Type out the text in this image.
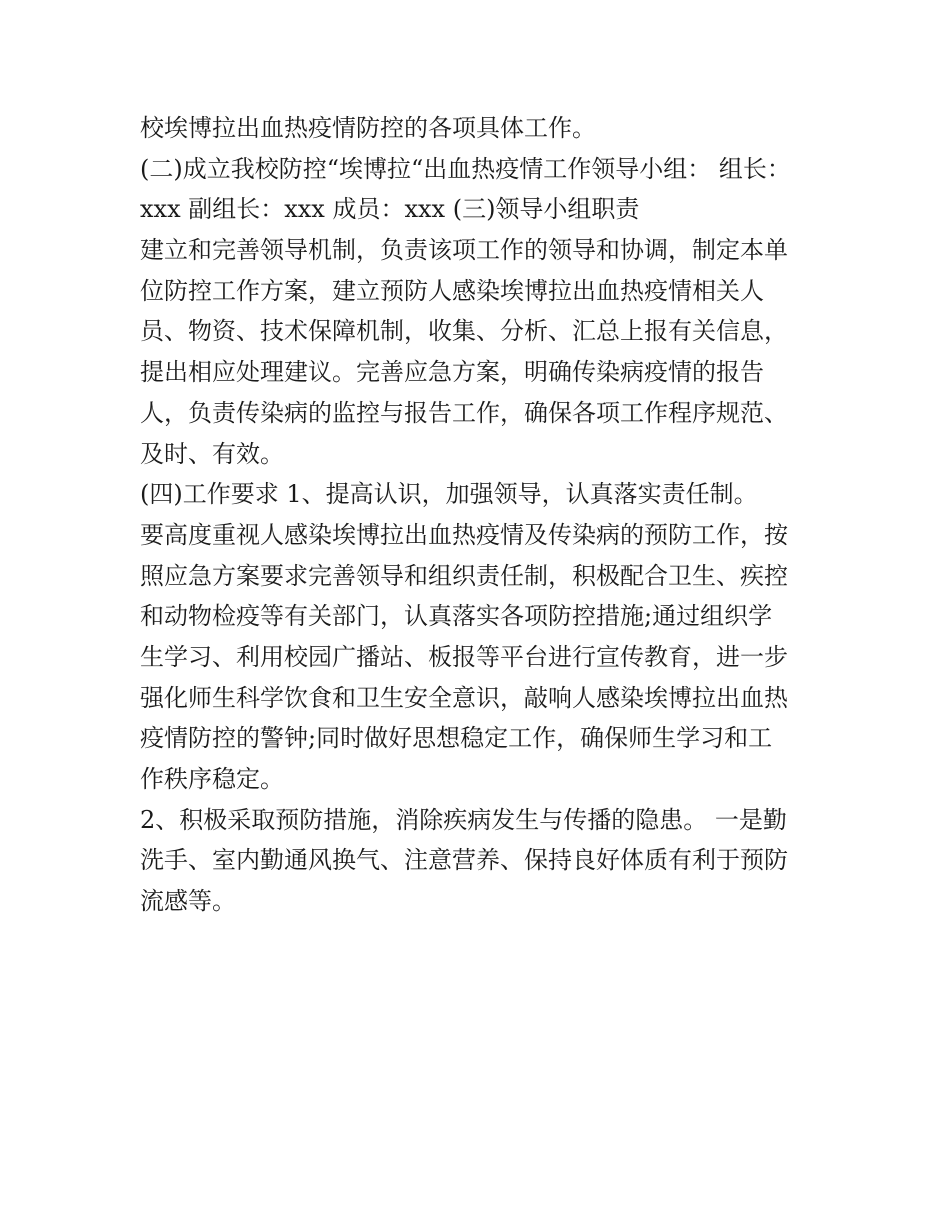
校埃博拉出血热疫情防控的各项具体工作。
(二)成立我校防控“埃博拉“出血热疫情工作领导小组： 组长：
xxx 副组长：xxx 成员：xxx (三)领导小组职责
建立和完善领导机制，负责该项工作的领导和协调，制定本单
位防控工作方案，建立预防人感染埃博拉出血热疫情相关人
员、物资、技术保障机制，收集、分析、汇总上报有关信息，
提出相应处理建议。完善应急方案，明确传染病疫情的报告
人，负责传染病的监控与报告工作，确保各项工作程序规范、
及时、有效。
(四)工作要求 1、提高认识，加强领导，认真落实责任制。
要高度重视人感染埃博拉出血热疫情及传染病的预防工作，按
照应急方案要求完善领导和组织责任制，积极配合卫生、疾控
和动物检疫等有关部门，认真落实各项防控措施;通过组织学
生学习、利用校园广播站、板报等平台进行宣传教育，进一步
强化师生科学饮食和卫生安全意识，敲响人感染埃博拉出血热
疫情防控的警钟;同时做好思想稳定工作，确保师生学习和工
作秩序稳定。
2、积极采取预防措施，消除疾病发生与传播的隐患。 一是勤
洗手、室内勤通风换气、注意营养、保持良好体质有利于预防
流感等。
